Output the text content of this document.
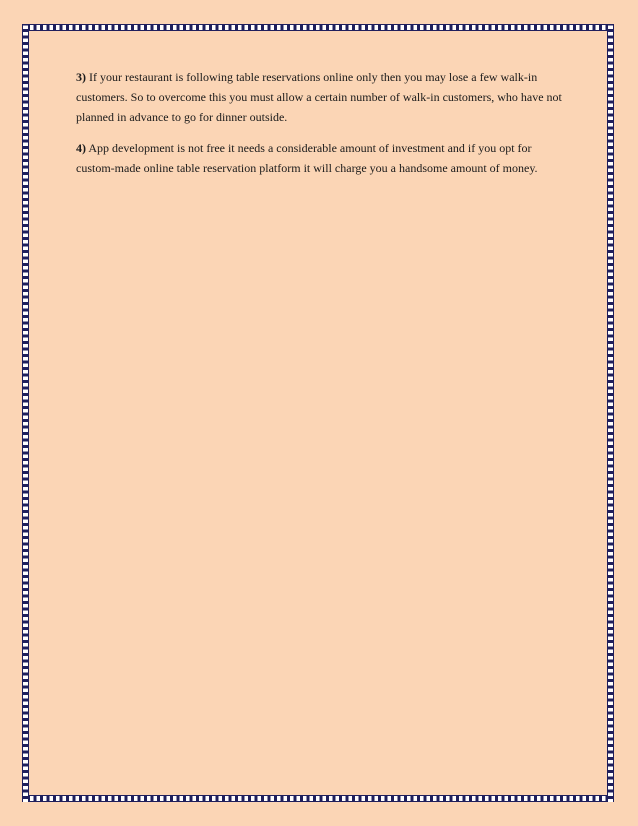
3) If your restaurant is following table reservations online only then you may lose a few walk-in customers. So to overcome this you must allow a certain number of walk-in customers, who have not planned in advance to go for dinner outside.

4) App development is not free it needs a considerable amount of investment and if you opt for custom-made online table reservation platform it will charge you a handsome amount of money.
